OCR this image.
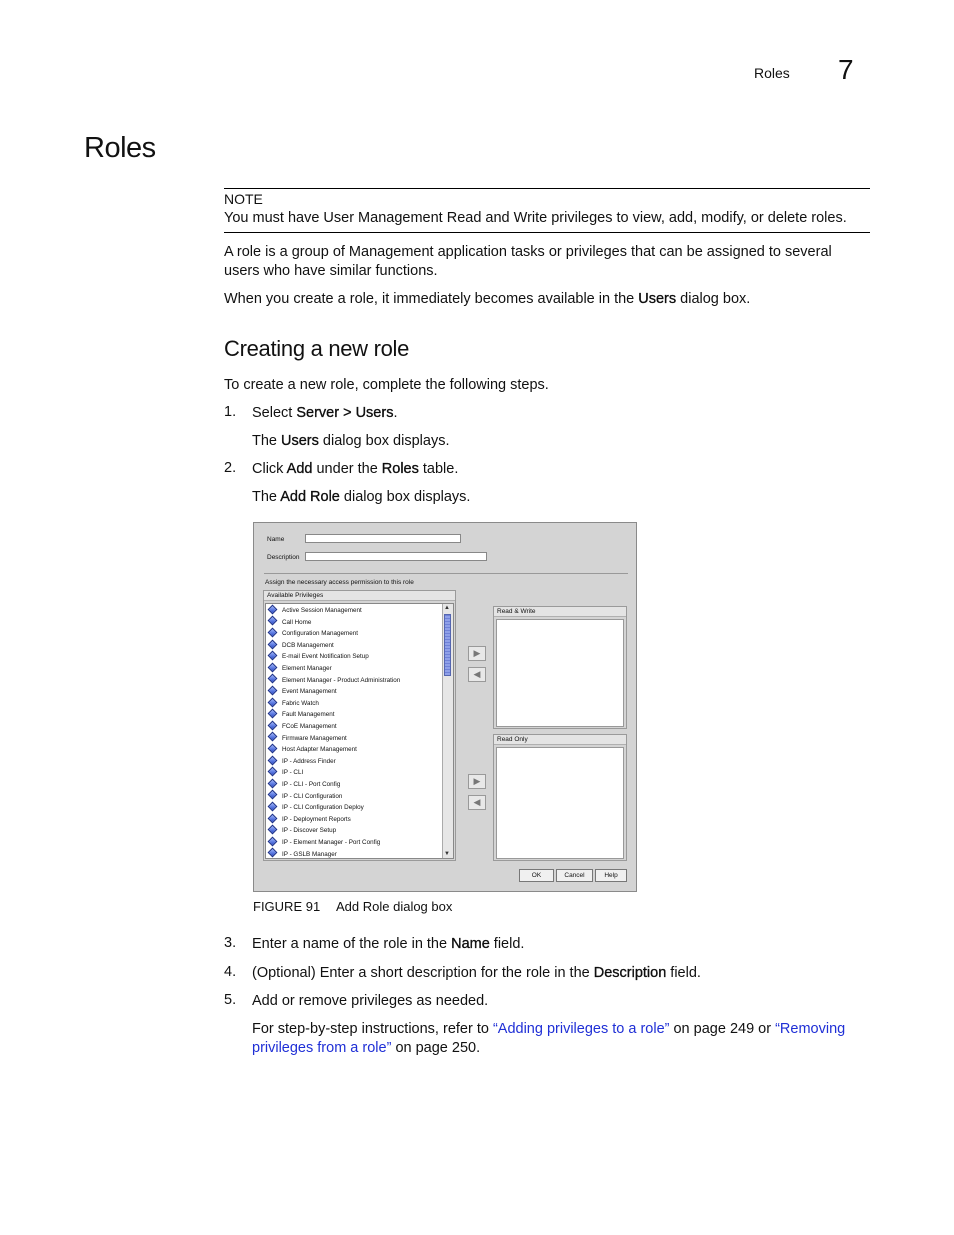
Roles 7
Roles
NOTE
You must have User Management Read and Write privileges to view, add, modify, or delete roles.
A role is a group of Management application tasks or privileges that can be assigned to several users who have similar functions.
When you create a role, it immediately becomes available in the Users dialog box.
Creating a new role
To create a new role, complete the following steps.
1. Select Server > Users.
The Users dialog box displays.
2. Click Add under the Roles table.
The Add Role dialog box displays.
Name
Description
Assign the necessary access permission to this role
Available Privileges
Active Session Management
Call Home
Configuration Management
DCB Management
E-mail Event Notification Setup
Element Manager
Element Manager - Product Administration
Event Management
Fabric Watch
Fault Management
FCoE Management
Firmware Management
Host Adapter Management
IP - Address Finder
IP - CLI
IP - CLI - Port Config
IP - CLI Configuration
IP - CLI Configuration Deploy
IP - Deployment Reports
IP - Discover Setup
IP - Element Manager - Port Config
IP - GSLB Manager
▲
▼
▶
◀
▶
◀
Read & Write
Read Only
OK	Cancel	Help
FIGURE 91 Add Role dialog box
3. Enter a name of the role in the Name field.
4. (Optional) Enter a short description for the role in the Description field.
5. Add or remove privileges as needed.
For step-by-step instructions, refer to “Adding privileges to a role” on page 249 or “Removing privileges from a role” on page 250.
